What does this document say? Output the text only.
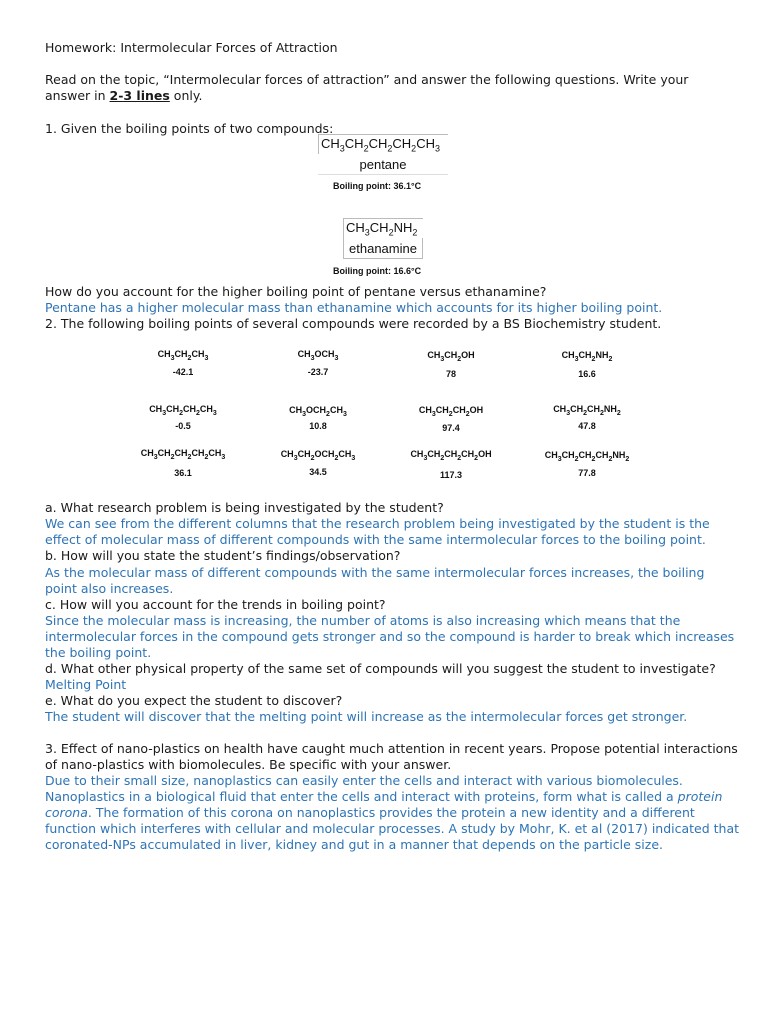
Homework: Intermolecular Forces of Attraction
Read on the topic, “Intermolecular forces of attraction” and answer the following questions. Write your
answer in 2-3 lines only.
1. Given the boiling points of two compounds:
$CH_3CH_2CH_2CH_2CH_3$
pentane
Boiling point: 36.1°C
$CH_3CH_2NH_2$
ethanamine
Boiling point: 16.6°C
How do you account for the higher boiling point of pentane versus ethanamine?
Pentane has a higher molecular mass than ethanamine which accounts for its higher boiling point.
2. The following boiling points of several compounds were recorded by a BS Biochemistry student.
$CH_3CH_2CH_3$
-42.1
$CH_3OCH_3$
-23.7
$CH_3CH_2OH$
78
$CH_3CH_2NH_2$
16.6
$CH_3CH_2CH_2CH_3$
-0.5
$CH_3OCH_2CH_3$
10.8
$CH_3CH_2CH_2OH$
97.4
$CH_3CH_2CH_2NH_2$
47.8
$CH_3CH_2CH_2CH_2CH_3$
36.1
$CH_3CH_2OCH_2CH_3$
34.5
$CH_3CH_2CH_2CH_2OH$
117.3
$CH_3CH_2CH_2CH_2NH_2$
77.8
a. What research problem is being investigated by the student?
We can see from the different columns that the research problem being investigated by the student is the
effect of molecular mass of different compounds with the same intermolecular forces to the boiling point.
b. How will you state the student’s findings/observation?
As the molecular mass of different compounds with the same intermolecular forces increases, the boiling
point also increases.
c. How will you account for the trends in boiling point?
Since the molecular mass is increasing, the number of atoms is also increasing which means that the
intermolecular forces in the compound gets stronger and so the compound is harder to break which increases
the boiling point.
d. What other physical property of the same set of compounds will you suggest the student to investigate?
Melting Point
e. What do you expect the student to discover?
The student will discover that the melting point will increase as the intermolecular forces get stronger.
3. Effect of nano-plastics on health have caught much attention in recent years. Propose potential interactions
of nano-plastics with biomolecules. Be specific with your answer.
Due to their small size, nanoplastics can easily enter the cells and interact with various biomolecules.
Nanoplastics in a biological fluid that enter the cells and interact with proteins, form what is called a protein
corona. The formation of this corona on nanoplastics provides the protein a new identity and a different
function which interferes with cellular and molecular processes. A study by Mohr, K. et al (2017) indicated that
coronated-NPs accumulated in liver, kidney and gut in a manner that depends on the particle size.
